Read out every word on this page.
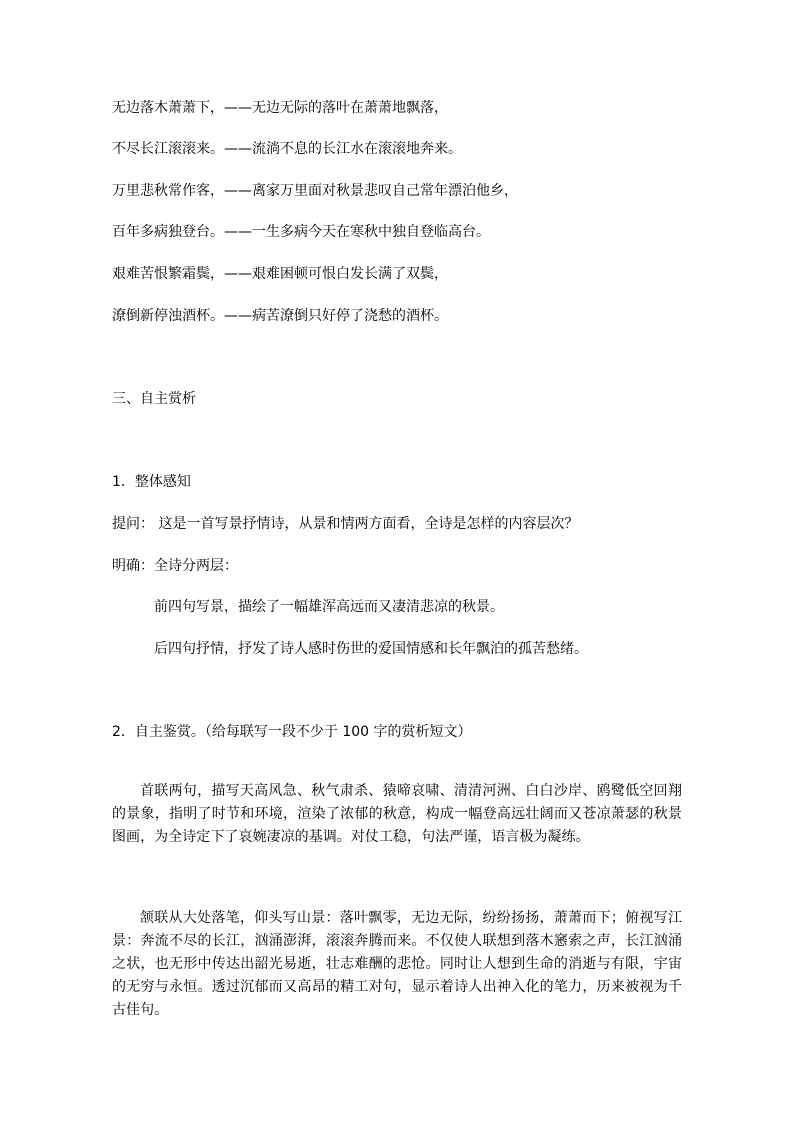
无边落木萧萧下，——无边无际的落叶在萧萧地飘落，
不尽长江滚滚来。——流淌不息的长江水在滚滚地奔来。
万里悲秋常作客，——离家万里面对秋景悲叹自己常年漂泊他乡，
百年多病独登台。——一生多病今天在寒秋中独自登临高台。
艰难苦恨繁霜鬓，——艰难困顿可恨白发长满了双鬓，
潦倒新停浊酒杯。——病苦潦倒只好停了浇愁的酒杯。
三、自主赏析
1．整体感知
提问： 这是一首写景抒情诗，从景和情两方面看，全诗是怎样的内容层次？
明确：全诗分两层：
前四句写景，描绘了一幅雄浑高远而又凄清悲凉的秋景。
后四句抒情，抒发了诗人感时伤世的爱国情感和长年飘泊的孤苦愁绪。
2．自主鉴赏。（给每联写一段不少于 100 字的赏析短文）
首联两句，描写天高风急、秋气肃杀、猿啼哀啸、清清河洲、白白沙岸、鸥鹭低空回翔的景象，指明了时节和环境，渲染了浓郁的秋意，构成一幅登高远壮阔而又苍凉萧瑟的秋景图画，为全诗定下了哀婉凄凉的基调。对仗工稳，句法严谨，语言极为凝练。
颔联从大处落笔，仰头写山景：落叶飘零，无边无际，纷纷扬扬，萧萧而下；俯视写江景：奔流不尽的长江，汹涌澎湃，滚滚奔腾而来。不仅使人联想到落木窸索之声，长江汹涌之状，也无形中传达出韶光易逝，壮志难酬的悲怆。同时让人想到生命的消逝与有限，宇宙的无穷与永恒。透过沉郁而又高昂的精工对句，显示着诗人出神入化的笔力，历来被视为千古佳句。
